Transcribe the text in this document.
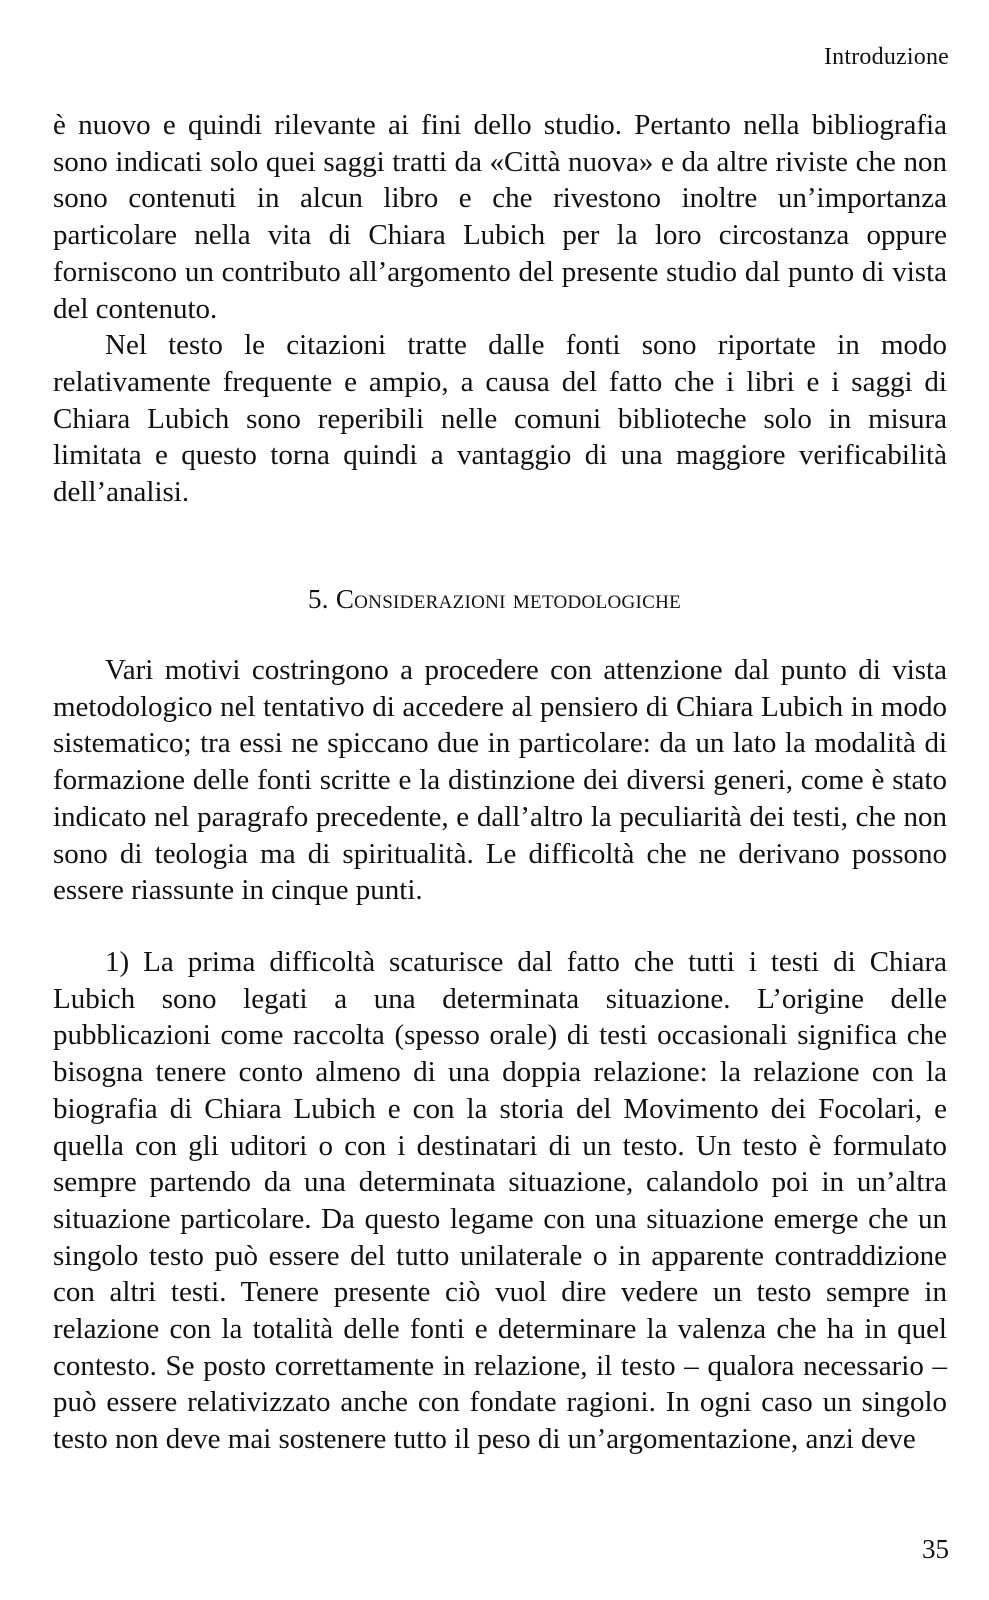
Introduzione

è nuovo e quindi rilevante ai fini dello studio. Pertanto nella bibliografia sono indicati solo quei saggi tratti da «Città nuova» e da altre riviste che non sono contenuti in alcun libro e che rivestono inoltre un’importanza particolare nella vita di Chiara Lubich per la loro circostanza oppure forniscono un contributo all’argomento del presente studio dal punto di vista del contenuto.

Nel testo le citazioni tratte dalle fonti sono riportate in modo relativamente frequente e ampio, a causa del fatto che i libri e i saggi di Chiara Lubich sono reperibili nelle comuni biblioteche solo in misura limitata e questo torna quindi a vantaggio di una maggiore verificabilità dell’analisi.

5. Considerazioni metodologiche

Vari motivi costringono a procedere con attenzione dal punto di vista metodologico nel tentativo di accedere al pensiero di Chiara Lubich in modo sistematico; tra essi ne spiccano due in particolare: da un lato la modalità di formazione delle fonti scritte e la distinzione dei diversi generi, come è stato indicato nel paragrafo precedente, e dall’altro la peculiarità dei testi, che non sono di teologia ma di spiritualità. Le difficoltà che ne derivano possono essere riassunte in cinque punti.

1) La prima difficoltà scaturisce dal fatto che tutti i testi di Chiara Lubich sono legati a una determinata situazione. L’origine delle pubblicazioni come raccolta (spesso orale) di testi occasionali significa che bisogna tenere conto almeno di una doppia relazione: la relazione con la biografia di Chiara Lubich e con la storia del Movimento dei Focolari, e quella con gli uditori o con i destinatari di un testo. Un testo è formulato sempre partendo da una determinata situazione, calandolo poi in un’altra situazione particolare. Da questo legame con una situazione emerge che un singolo testo può essere del tutto unilaterale o in apparente contraddizione con altri testi. Tenere presente ciò vuol dire vedere un testo sempre in relazione con la totalità delle fonti e determinare la valenza che ha in quel contesto. Se posto correttamente in relazione, il testo – qualora necessario – può essere relativizzato anche con fondate ragioni. In ogni caso un singolo testo non deve mai sostenere tutto il peso di un’argomentazione, anzi deve

35
